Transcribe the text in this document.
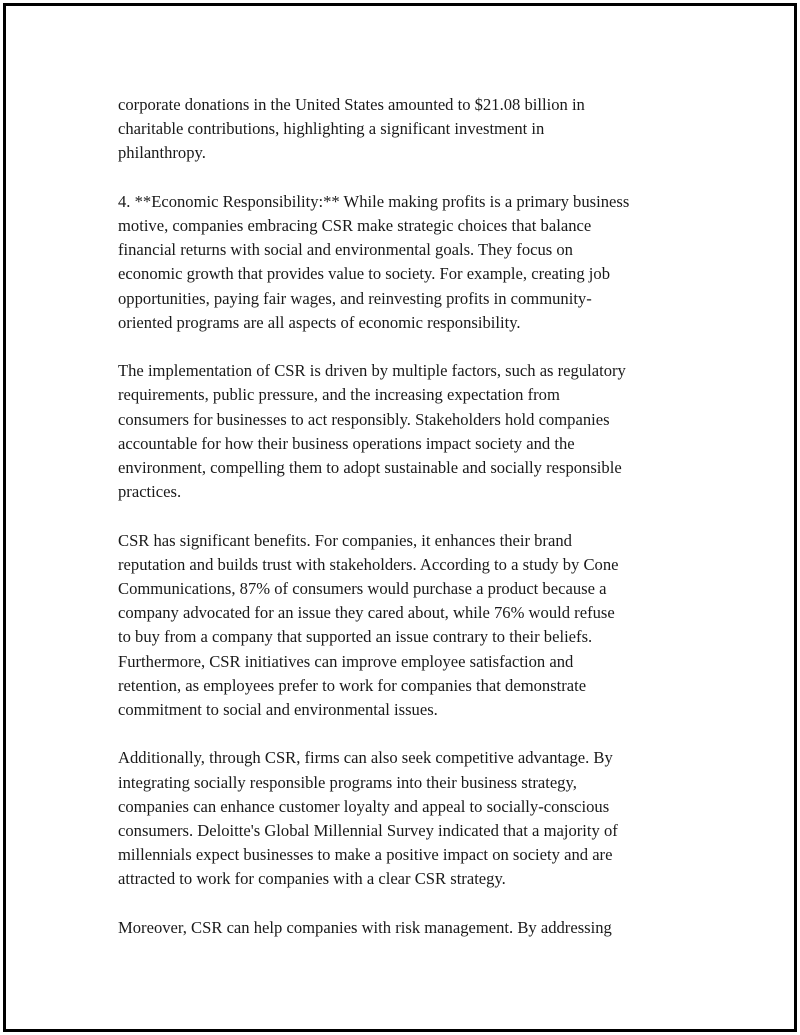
corporate donations in the United States amounted to $21.08 billion in
charitable contributions, highlighting a significant investment in
philanthropy.

4. **Economic Responsibility:** While making profits is a primary business
motive, companies embracing CSR make strategic choices that balance
financial returns with social and environmental goals. They focus on
economic growth that provides value to society. For example, creating job
opportunities, paying fair wages, and reinvesting profits in community-
oriented programs are all aspects of economic responsibility.

The implementation of CSR is driven by multiple factors, such as regulatory
requirements, public pressure, and the increasing expectation from
consumers for businesses to act responsibly. Stakeholders hold companies
accountable for how their business operations impact society and the
environment, compelling them to adopt sustainable and socially responsible
practices.

CSR has significant benefits. For companies, it enhances their brand
reputation and builds trust with stakeholders. According to a study by Cone
Communications, 87% of consumers would purchase a product because a
company advocated for an issue they cared about, while 76% would refuse
to buy from a company that supported an issue contrary to their beliefs.
Furthermore, CSR initiatives can improve employee satisfaction and
retention, as employees prefer to work for companies that demonstrate
commitment to social and environmental issues.

Additionally, through CSR, firms can also seek competitive advantage. By
integrating socially responsible programs into their business strategy,
companies can enhance customer loyalty and appeal to socially-conscious
consumers. Deloitte's Global Millennial Survey indicated that a majority of
millennials expect businesses to make a positive impact on society and are
attracted to work for companies with a clear CSR strategy.

Moreover, CSR can help companies with risk management. By addressing
